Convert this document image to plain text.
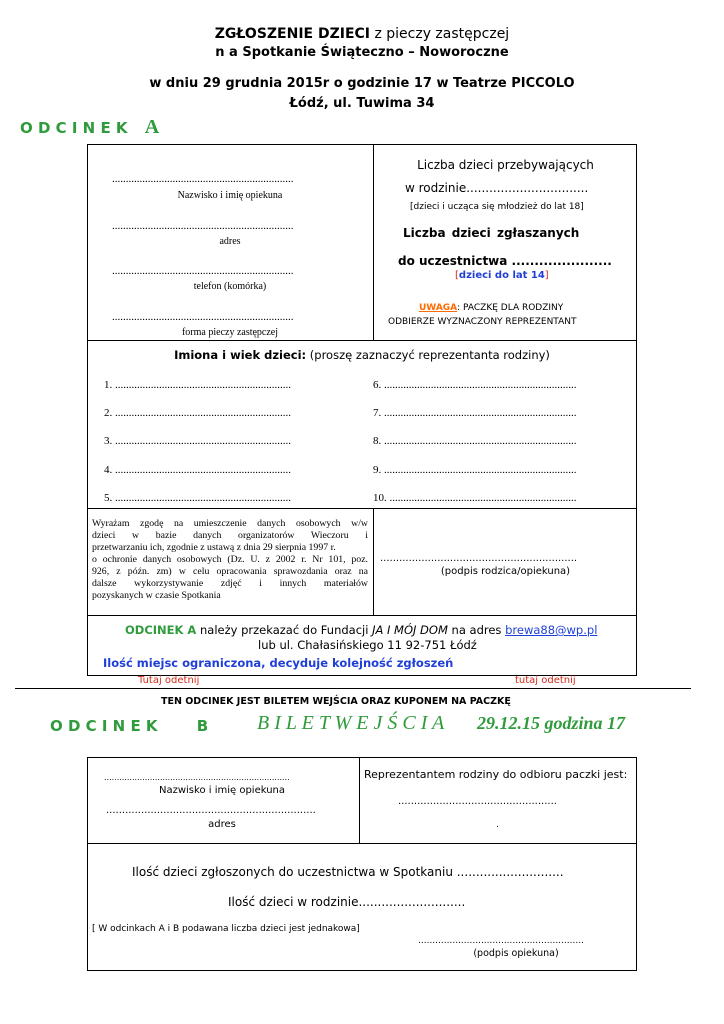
ZGŁOSZENIE DZIECI z pieczy zastępczej
n a Spotkanie Świąteczno – Noworoczne
w dniu 29 grudnia 2015r o godzinie 17 w Teatrze PICCOLO
Łódź, ul. Tuwima 34
O D C I N E K A
..................................................................
Nazwisko i imię opiekuna
..................................................................
adres
..................................................................
telefon (komórka)
..................................................................
forma pieczy zastępczej
Liczba dzieci przebywających
w rodzinie................................
[dzieci i ucząca się młodzież do lat 18]
Liczba dzieci zgłaszanych
do uczestnictwa ......................
[dzieci do lat 14]
UWAGA: PACZKĘ DLA RODZINY
ODBIERZE WYZNACZONY REPREZENTANT
Imiona i wiek dzieci: (proszę zaznaczyć reprezentanta rodziny)
1. ................................................................
2. ................................................................
3. ................................................................
4. ................................................................
5. ................................................................
6. ......................................................................
7. ......................................................................
8. ......................................................................
9. ......................................................................
10. ....................................................................
Wyrażam zgodę na umieszczenie danych osobowych w/w
dzieci w bazie danych organizatorów Wieczoru i
przetwarzaniu ich, zgodnie z ustawą z dnia 29 sierpnia 1997 r.
o ochronie danych osobowych (Dz. U. z 2002 r. Nr 101, poz.
926, z późn. zm) w celu opracowania sprawozdania oraz na
dalsze wykorzystywanie zdjęć i innych materiałów
pozyskanych w czasie Spotkania
..............................................................
(podpis rodzica/opiekuna)
ODCINEK A należy przekazać do Fundacji JA I MÓJ DOM na adres brewa88@wp.pl
lub ul. Chałasińskiego 11 92-751 Łódź
Ilość miejsc ograniczona, decyduje kolejność zgłoszeń
Tutaj odetnij	tutaj odetnij
TEN ODCINEK JEST BILETEM WEJŚCIA ORAZ KUPONEM NA PACZKĘ
O D C I N E K	B B I L E T W E J Ś C I A 29.12.15 godzina 17
.........................................................................
Nazwisko i imię opiekuna
..................................................................
adres
Reprezentantem rodziny do odbioru paczki jest:
..................................................
.
Ilość dzieci zgłoszonych do uczestnictwa w Spotkaniu ............................
Ilość dzieci w rodzinie............................
[ W odcinkach A i B podawana liczba dzieci jest jednakowa]
..........................................................
(podpis opiekuna)
